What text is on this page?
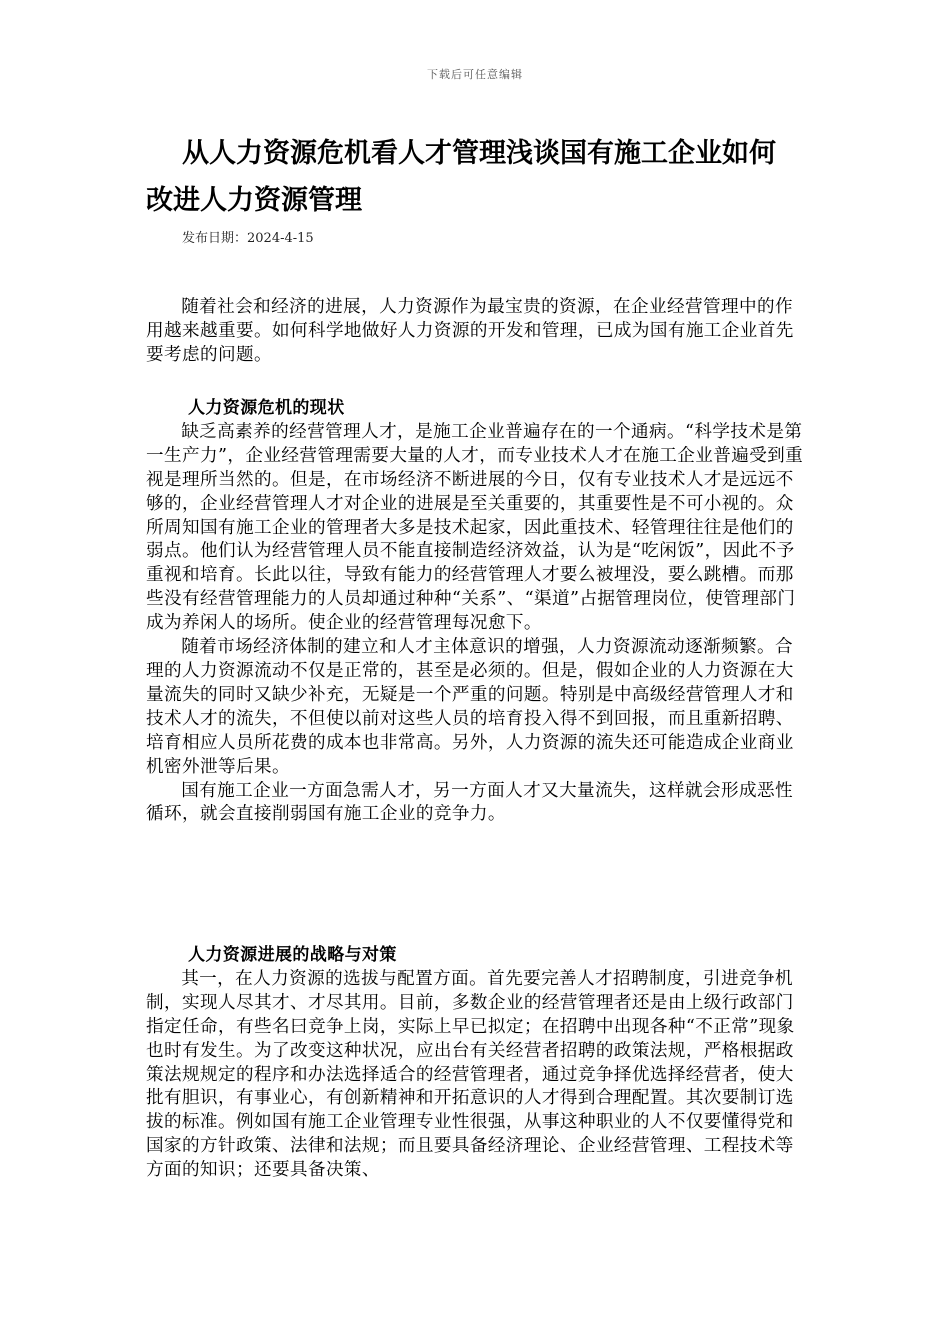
下载后可任意编辑
从人力资源危机看人才管理浅谈国有施工企业如何改进人力资源管理
发布日期：2024-4-15

随着社会和经济的进展，人力资源作为最宝贵的资源，在企业经营管理中的作用越来越重要。如何科学地做好人力资源的开发和管理，已成为国有施工企业首先要考虑的问题。

人力资源危机的现状

缺乏高素养的经营管理人才，是施工企业普遍存在的一个通病。“科学技术是第一生产力”，企业经营管理需要大量的人才，而专业技术人才在施工企业普遍受到重视是理所当然的。但是，在市场经济不断进展的今日，仅有专业技术人才是远远不够的，企业经营管理人才对企业的进展是至关重要的，其重要性是不可小视的。众所周知国有施工企业的管理者大多是技术起家，因此重技术、轻管理往往是他们的弱点。他们认为经营管理人员不能直接制造经济效益，认为是“吃闲饭”，因此不予重视和培育。长此以往，导致有能力的经营管理人才要么被埋没，要么跳槽。而那些没有经营管理能力的人员却通过种种“关系”、“渠道”占据管理岗位，使管理部门成为养闲人的场所。使企业的经营管理每况愈下。

随着市场经济体制的建立和人才主体意识的增强，人力资源流动逐渐频繁。合理的人力资源流动不仅是正常的，甚至是必须的。但是，假如企业的人力资源在大量流失的同时又缺少补充，无疑是一个严重的问题。特别是中高级经营管理人才和技术人才的流失，不但使以前对这些人员的培育投入得不到回报，而且重新招聘、培育相应人员所花费的成本也非常高。另外，人力资源的流失还可能造成企业商业机密外泄等后果。

国有施工企业一方面急需人才，另一方面人才又大量流失，这样就会形成恶性循环，就会直接削弱国有施工企业的竞争力。

人力资源进展的战略与对策

其一，在人力资源的选拔与配置方面。首先要完善人才招聘制度，引进竞争机制，实现人尽其才、才尽其用。目前，多数企业的经营管理者还是由上级行政部门指定任命，有些名曰竞争上岗，实际上早已拟定；在招聘中出现各种“不正常”现象也时有发生。为了改变这种状况，应出台有关经营者招聘的政策法规，严格根据政策法规规定的程序和办法选择适合的经营管理者，通过竞争择优选择经营者，使大批有胆识，有事业心，有创新精神和开拓意识的人才得到合理配置。其次要制订选拔的标准。例如国有施工企业管理专业性很强，从事这种职业的人不仅要懂得党和国家的方针政策、法律和法规；而且要具备经济理论、企业经营管理、工程技术等方面的知识；还要具备决策、
